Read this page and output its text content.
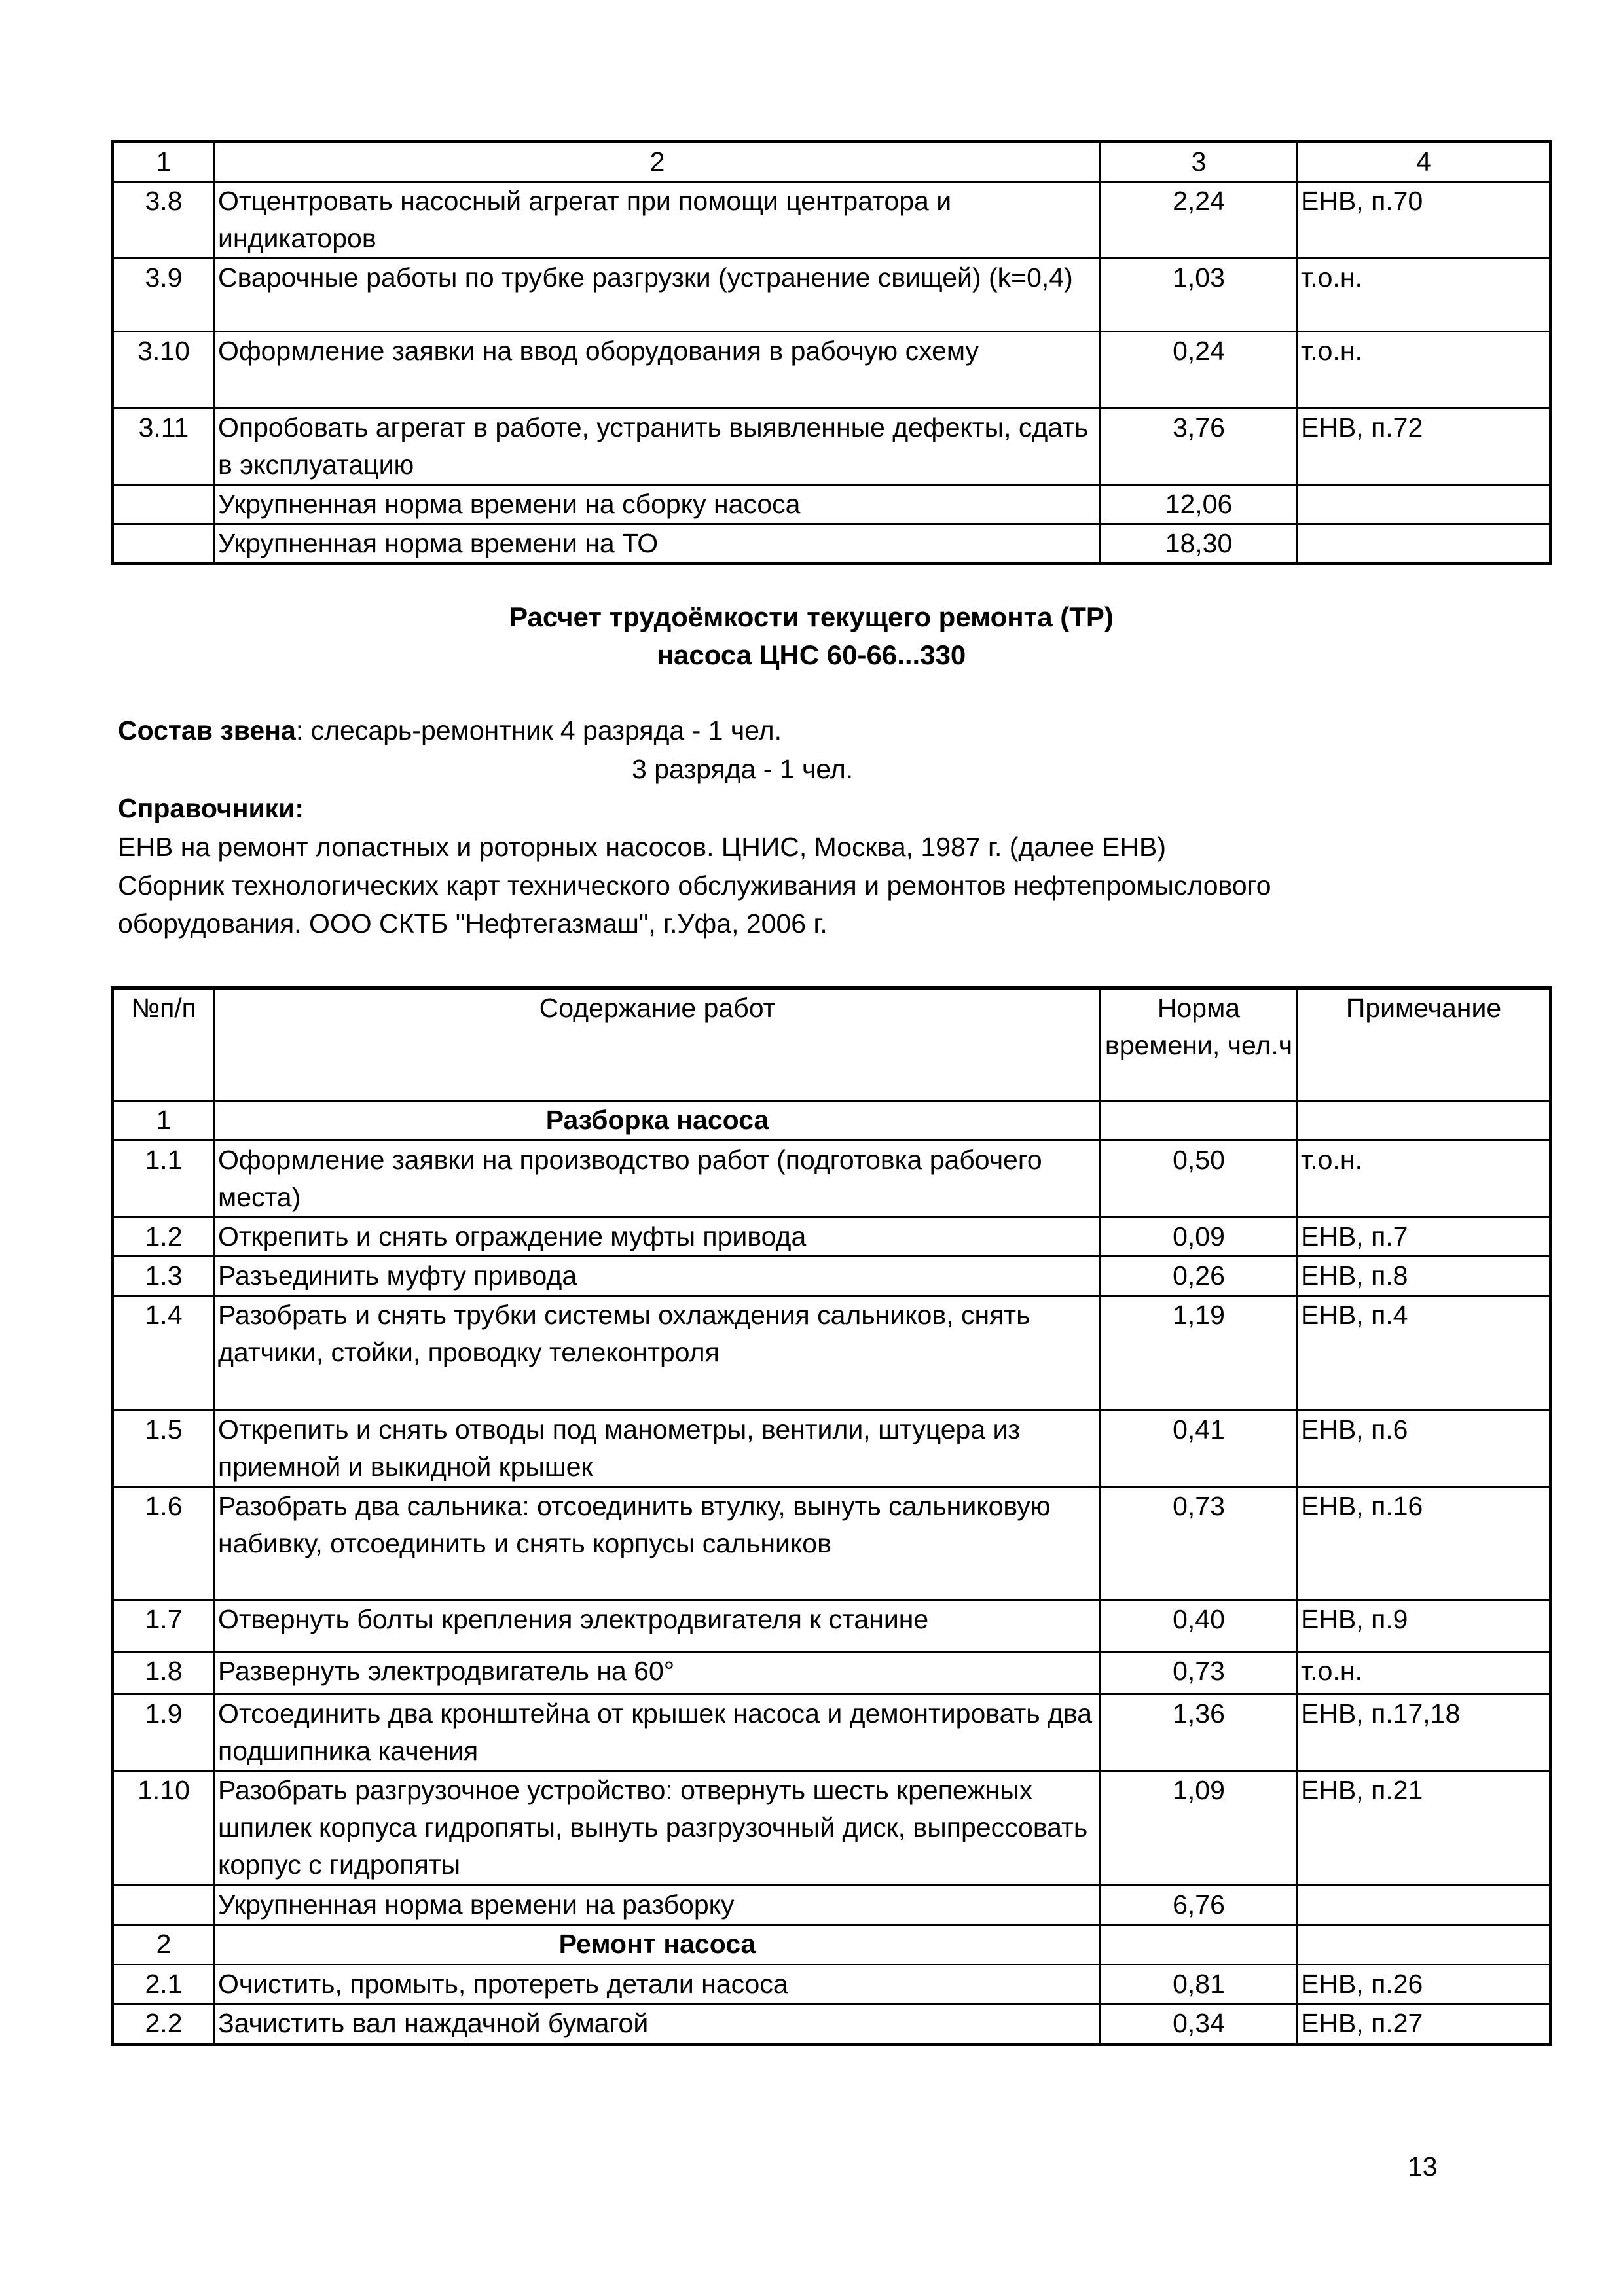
1	2	3	4
3.8	Отцентровать насосный агрегат при помощи центратора и индикаторов	2,24	ЕНВ, п.70
3.9	Сварочные работы по трубке разгрузки (устранение свищей) (k=0,4)	1,03	т.о.н.
3.10	Оформление заявки на ввод оборудования в рабочую схему	0,24	т.о.н.
3.11	Опробовать агрегат в работе, устранить выявленные дефекты, сдать в эксплуатацию	3,76	ЕНВ, п.72
	Укрупненная норма времени на сборку насоса	12,06	
	Укрупненная норма времени на ТО	18,30	
Расчет трудоёмкости текущего ремонта (ТР)
насоса ЦНС 60-66...330
Состав звена: слесарь-ремонтник 4 разряда - 1 чел.
3 разряда - 1 чел.
Справочники:
ЕНВ на ремонт лопастных и роторных насосов. ЦНИС, Москва, 1987 г. (далее ЕНВ)
Сборник технологических карт технического обслуживания и ремонтов нефтепромыслового
оборудования. ООО СКТБ "Нефтегазмаш", г.Уфа, 2006 г.
№п/п	Содержание работ	Норма времени, чел.ч	Примечание
1	Разборка насоса		
1.1	Оформление заявки на производство работ (подготовка рабочего места)	0,50	т.о.н.
1.2	Открепить и снять ограждение муфты привода	0,09	ЕНВ, п.7
1.3	Разъединить муфту привода	0,26	ЕНВ, п.8
1.4	Разобрать и снять трубки системы охлаждения сальников, снять датчики, стойки, проводку телеконтроля	1,19	ЕНВ, п.4
1.5	Открепить и снять отводы под манометры, вентили, штуцера из приемной и выкидной крышек	0,41	ЕНВ, п.6
1.6	Разобрать два сальника: отсоединить втулку, вынуть сальниковую набивку, отсоединить и снять корпусы сальников	0,73	ЕНВ, п.16
1.7	Отвернуть болты крепления электродвигателя к станине	0,40	ЕНВ, п.9
1.8	Развернуть электродвигатель на 60°	0,73	т.о.н.
1.9	Отсоединить два кронштейна от крышек насоса и демонтировать два подшипника качения	1,36	ЕНВ, п.17,18
1.10	Разобрать разгрузочное устройство: отвернуть шесть крепежных шпилек корпуса гидропяты, вынуть разгрузочный диск, выпрессовать корпус с гидропяты	1,09	ЕНВ, п.21
	Укрупненная норма времени на разборку	6,76	
2	Ремонт насоса		
2.1	Очистить, промыть, протереть детали насоса	0,81	ЕНВ, п.26
2.2	Зачистить вал наждачной бумагой	0,34	ЕНВ, п.27
13
